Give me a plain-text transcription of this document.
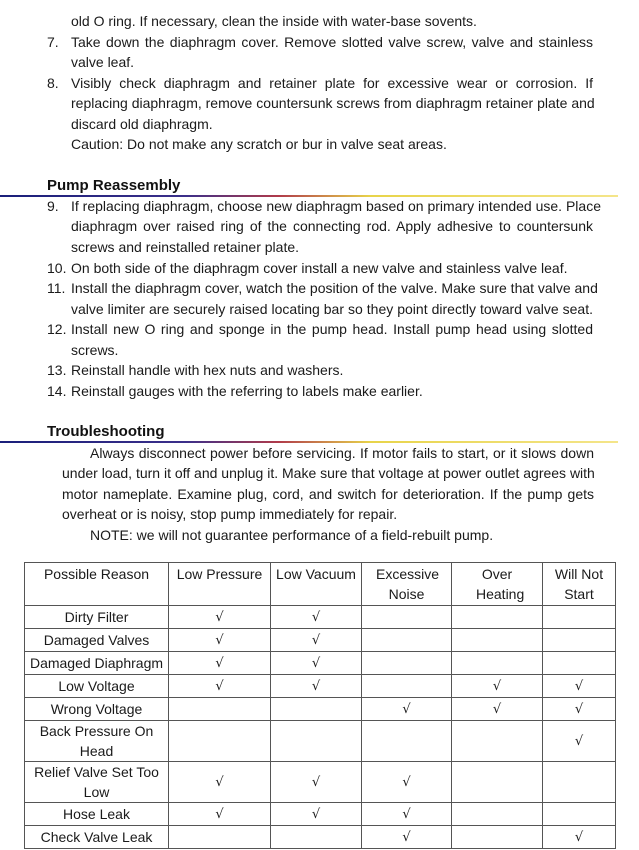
old O ring. If necessary, clean the inside with water-base sovents.
7. Take down the diaphragm cover. Remove slotted valve screw, valve and stainless
valve leaf.
8. Visibly check diaphragm and retainer plate for excessive wear or corrosion. If
replacing diaphragm, remove countersunk screws from diaphragm retainer plate and
discard old diaphragm.
Caution: Do not make any scratch or bur in valve seat areas.
Pump Reassembly
9. If replacing diaphragm, choose new diaphragm based on primary intended use. Place
diaphragm over raised ring of the connecting rod. Apply adhesive to countersunk
screws and reinstalled retainer plate.
10. On both side of the diaphragm cover install a new valve and stainless valve leaf.
11. Install the diaphragm cover, watch the position of the valve. Make sure that valve and
valve limiter are securely raised locating bar so they point directly toward valve seat.
12. Install new O ring and sponge in the pump head. Install pump head using slotted
screws.
13. Reinstall handle with hex nuts and washers.
14. Reinstall gauges with the referring to labels make earlier.
Troubleshooting
Always disconnect power before servicing. If motor fails to start, or it slows down
under load, turn it off and unplug it. Make sure that voltage at power outlet agrees with
motor nameplate. Examine plug, cord, and switch for deterioration. If the pump gets
overheat or is noisy, stop pump immediately for repair.
NOTE: we will not guarantee performance of a field-rebuilt pump.
Possible Reason	Low Pressure	Low Vacuum	Excessive Noise	Over Heating	Will Not Start
Dirty Filter	√	√			
Damaged Valves	√	√			
Damaged Diaphragm	√	√			
Low Voltage	√	√		√	√
Wrong Voltage			√	√	√
Back Pressure On Head					√
Relief Valve Set Too Low	√	√	√		
Hose Leak	√	√	√		
Check Valve Leak			√		√
